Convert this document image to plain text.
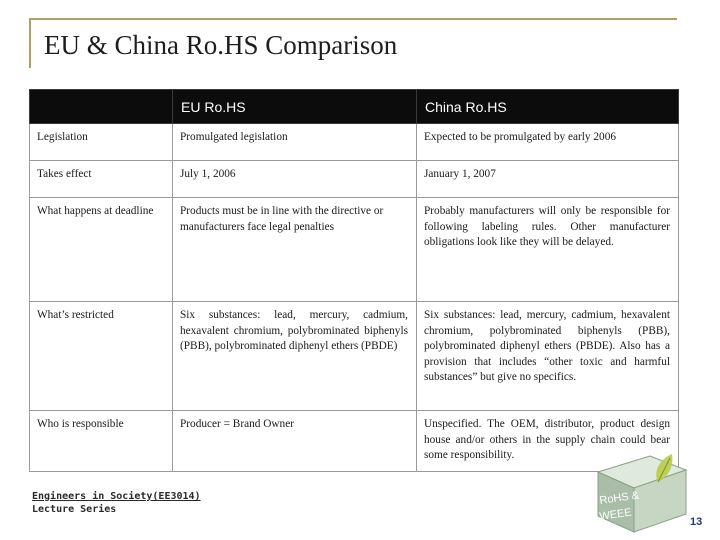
EU & China Ro.HS Comparison
	EU Ro.HS	China Ro.HS
Legislation	Promulgated legislation	Expected to be promulgated by early 2006
Takes effect	July 1, 2006	January 1, 2007
What happens at deadline	Products must be in line with the directive or manufacturers face legal penalties	Probably manufacturers will only be responsible for following labeling rules. Other manufacturer obligations look like they will be delayed.
What’s restricted	Six substances: lead, mercury, cadmium, hexavalent chromium, polybrominated biphenyls (PBB), polybrominated diphenyl ethers (PBDE)	Six substances: lead, mercury, cadmium, hexavalent chromium, polybrominated biphenyls (PBB), polybrominated diphenyl ethers (PBDE). Also has a provision that includes “other toxic and harmful substances” but give no specifics.
Who is responsible	Producer = Brand Owner	Unspecified. The OEM, distributor, product design house and/or others in the supply chain could bear some responsibility.
Engineers in Society(EE3014)
Lecture Series
RoHS &
WEEE	13
